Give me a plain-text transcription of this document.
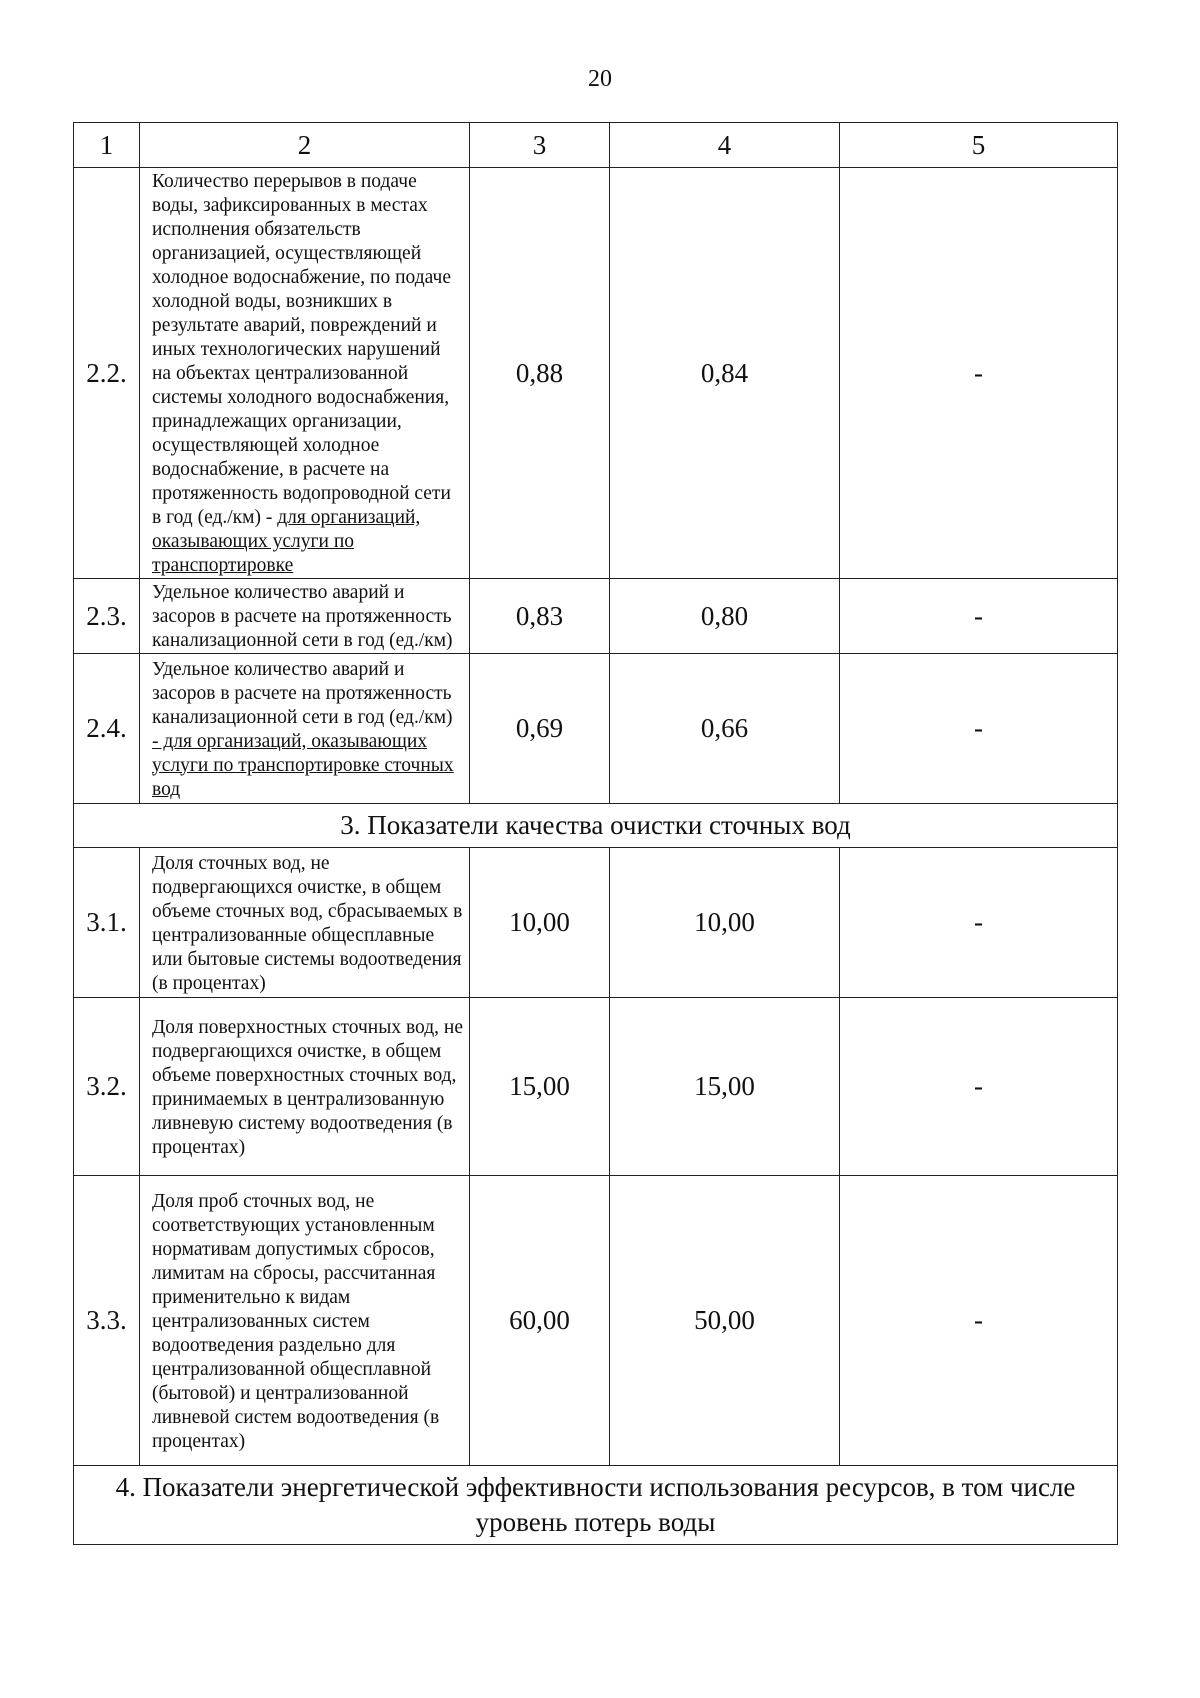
20
1	2	3	4	5
2.2.	Количество перерывов в подаче воды, зафиксированных в местах исполнения обязательств организацией, осуществляющей холодное водоснабжение, по подаче холодной воды, возникших в результате аварий, повреждений и иных технологических нарушений на объектах централизованной системы холодного водоснабжения, принадлежащих организации, осуществляющей холодное водоснабжение, в расчете на протяженность водопроводной сети в год (ед./км) - для организаций, оказывающих услуги по транспортировке	0,88	0,84	-
2.3.	Удельное количество аварий и засоров в расчете на протяженность канализационной сети в год (ед./км)	0,83	0,80	-
2.4.	Удельное количество аварий и засоров в расчете на протяженность канализационной сети в год (ед./км) - для организаций, оказывающих услуги по транспортировке сточных вод	0,69	0,66	-
3. Показатели качества очистки сточных вод				
3.1.	Доля сточных вод, не подвергающихся очистке, в общем объеме сточных вод, сбрасываемых в централизованные общесплавные или бытовые системы водоотведения (в процентах)	10,00	10,00	-
3.2.	Доля поверхностных сточных вод, не подвергающихся очистке, в общем объеме поверхностных сточных вод, принимаемых в централизованную ливневую систему водоотведения (в процентах)	15,00	15,00	-
3.3.	Доля проб сточных вод, не соответствующих установленным нормативам допустимых сбросов, лимитам на сбросы, рассчитанная применительно к видам централизованных систем водоотведения раздельно для централизованной общесплавной (бытовой) и централизованной ливневой систем водоотведения (в процентах)	60,00	50,00	-
4. Показатели энергетической эффективности использования ресурсов, в том числе уровень потерь воды				
